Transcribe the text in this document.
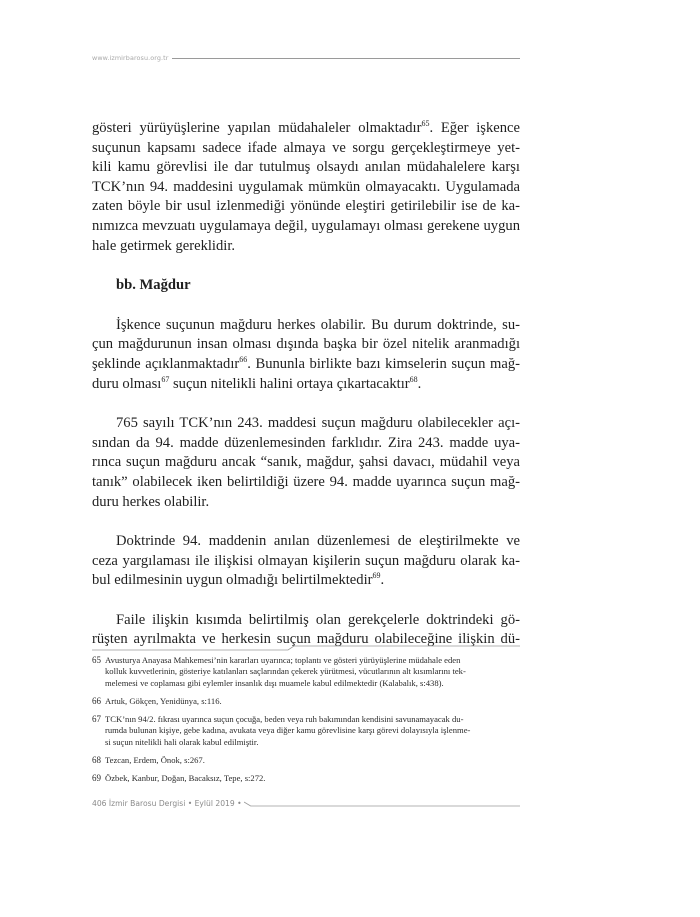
www.izmirbarosu.org.tr
gösteri yürüyüşlerine yapılan müdahaleler olmaktadır$^{65}$. Eğer işkence
suçunun kapsamı sadece ifade almaya ve sorgu gerçekleştirmeye yet-
kili kamu görevlisi ile dar tutulmuş olsaydı anılan müdahalelere karşı
TCK’nın 94. maddesini uygulamak mümkün olmayacaktı. Uygulamada
zaten böyle bir usul izlenmediği yönünde eleştiri getirilebilir ise de ka-
nımızca mevzuatı uygulamaya değil, uygulamayı olması gerekene uygun
hale getirmek gereklidir.
bb. Mağdur
İşkence suçunun mağduru herkes olabilir. Bu durum doktrinde, su-
çun mağdurunun insan olması dışında başka bir özel nitelik aranmadığı
şeklinde açıklanmaktadır$^{66}$. Bununla birlikte bazı kimselerin suçun mağ-
duru olması$^{67}$ suçun nitelikli halini ortaya çıkartacaktır$^{68}$.
765 sayılı TCK’nın 243. maddesi suçun mağduru olabilecekler açı-
sından da 94. madde düzenlemesinden farklıdır. Zira 243. madde uya-
rınca suçun mağduru ancak “sanık, mağdur, şahsi davacı, müdahil veya
tanık” olabilecek iken belirtildiği üzere 94. madde uyarınca suçun mağ-
duru herkes olabilir.
Doktrinde 94. maddenin anılan düzenlemesi de eleştirilmekte ve
ceza yargılaması ile ilişkisi olmayan kişilerin suçun mağduru olarak ka-
bul edilmesinin uygun olmadığı belirtilmektedir$^{69}$.
Faile ilişkin kısımda belirtilmiş olan gerekçelerle doktrindeki gö-
rüşten ayrılmakta ve herkesin suçun mağduru olabileceğine ilişkin dü-
65 Avusturya Anayasa Mahkemesi’nin kararları uyarınca; toplantı ve gösteri yürüyüşlerine müdahale eden
kolluk kuvvetlerinin, gösteriye katılanları saçlarından çekerek yürütmesi, vücutlarının alt kısımlarını tek-
melemesi ve coplaması gibi eylemler insanlık dışı muamele kabul edilmektedir (Kalabalık, s:438).
66 Artuk, Gökçen, Yenidünya, s:116.
67 TCK’nın 94/2. fıkrası uyarınca suçun çocuğa, beden veya ruh bakımından kendisini savunamayacak du-
rumda bulunan kişiye, gebe kadına, avukata veya diğer kamu görevlisine karşı görevi dolayısıyla işlenme-
si suçun nitelikli hali olarak kabul edilmiştir.
68 Tezcan, Erdem, Önok, s:267.
69 Özbek, Kanbur, Doğan, Bacaksız, Tepe, s:272.
406 İzmir Barosu Dergisi • Eylül 2019 •
